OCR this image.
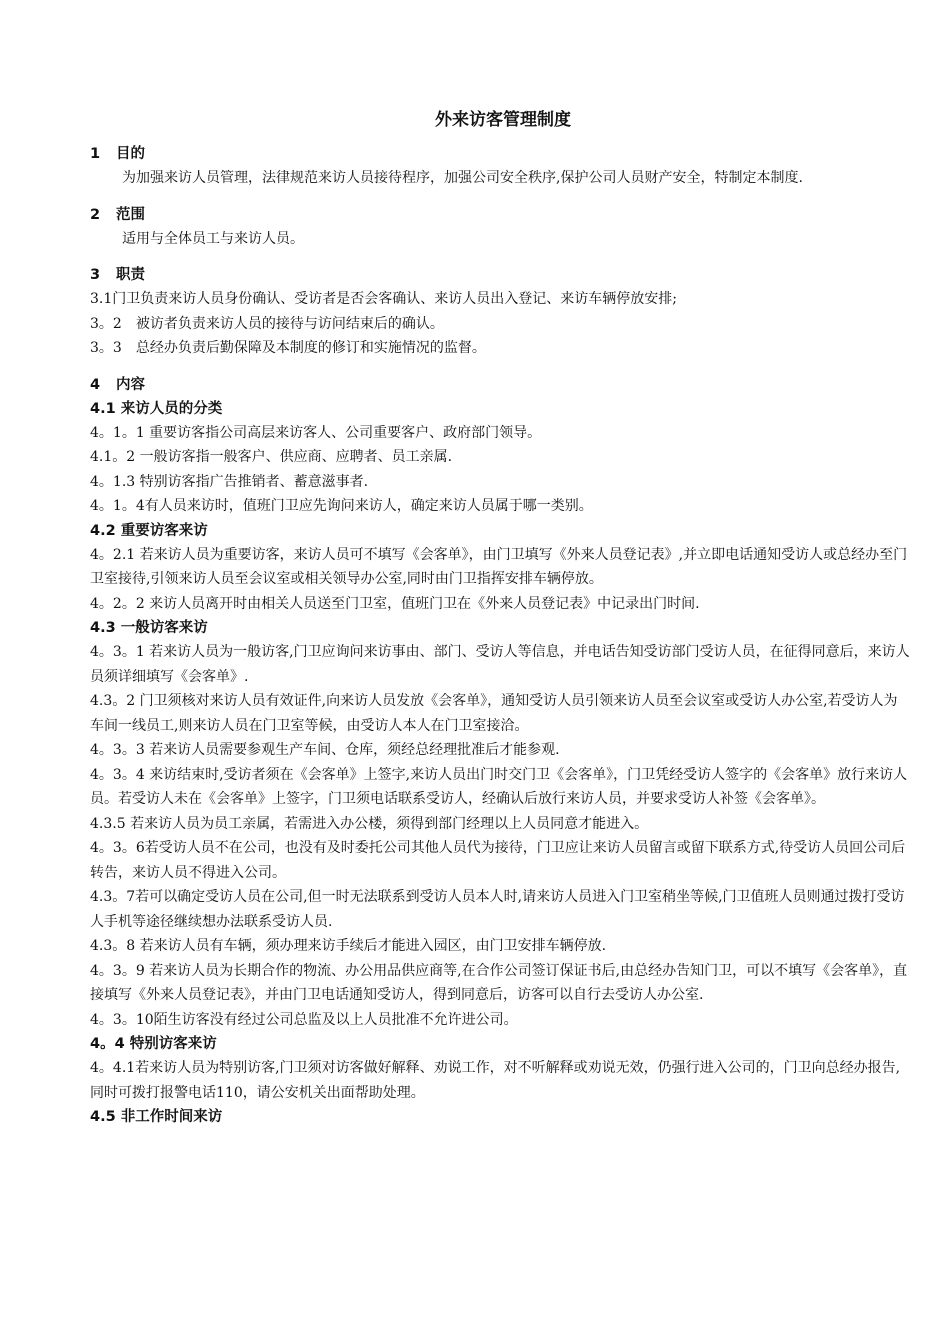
外来访客管理制度
1 目的

为加强来访人员管理，法律规范来访人员接待程序，加强公司安全秩序,保护公司人员财产安全，特制定本制度.

2 范围

适用与全体员工与来访人员。

3 职责

3.1门卫负责来访人员身份确认、受访者是否会客确认、来访人员出入登记、来访车辆停放安排;

3。2　被访者负责来访人员的接待与访问结束后的确认。

3。3　总经办负责后勤保障及本制度的修订和实施情况的监督。

4 内容
4.1 来访人员的分类

4。1。1 重要访客指公司高层来访客人、公司重要客户、政府部门领导。

4.1。2 一般访客指一般客户、供应商、应聘者、员工亲属.

4。1.3 特别访客指广告推销者、蓄意滋事者.

4。1。4有人员来访时，值班门卫应先询问来访人，确定来访人员属于哪一类别。

4.2 重要访客来访

4。2.1 若来访人员为重要访客，来访人员可不填写《会客单》，由门卫填写《外来人员登记表》,并立即电话通知受访人或总经办至门卫室接待,引领来访人员至会议室或相关领导办公室,同时由门卫指挥安排车辆停放。

4。2。2 来访人员离开时由相关人员送至门卫室，值班门卫在《外来人员登记表》中记录出门时间.

4.3 一般访客来访

4。3。1 若来访人员为一般访客,门卫应询问来访事由、部门、受访人等信息，并电话告知受访部门受访人员，在征得同意后，来访人员须详细填写《会客单》.

4.3。2 门卫须核对来访人员有效证件,向来访人员发放《会客单》，通知受访人员引领来访人员至会议室或受访人办公室,若受访人为车间一线员工,则来访人员在门卫室等候，由受访人本人在门卫室接洽。

4。3。3 若来访人员需要参观生产车间、仓库，须经总经理批准后才能参观.

4。3。4 来访结束时,受访者须在《会客单》上签字,来访人员出门时交门卫《会客单》，门卫凭经受访人签字的《会客单》放行来访人员。若受访人未在《会客单》上签字，门卫须电话联系受访人，经确认后放行来访人员，并要求受访人补签《会客单》。

4.3.5 若来访人员为员工亲属，若需进入办公楼，须得到部门经理以上人员同意才能进入。

4。3。6若受访人员不在公司，也没有及时委托公司其他人员代为接待，门卫应让来访人员留言或留下联系方式,待受访人员回公司后转告，来访人员不得进入公司。

4.3。7若可以确定受访人员在公司,但一时无法联系到受访人员本人时,请来访人员进入门卫室稍坐等候,门卫值班人员则通过拨打受访人手机等途径继续想办法联系受访人员.

4.3。8 若来访人员有车辆，须办理来访手续后才能进入园区，由门卫安排车辆停放.

4。3。9 若来访人员为长期合作的物流、办公用品供应商等,在合作公司签订保证书后,由总经办告知门卫，可以不填写《会客单》，直接填写《外来人员登记表》，并由门卫电话通知受访人，得到同意后，访客可以自行去受访人办公室.

4。3。10陌生访客没有经过公司总监及以上人员批准不允许进公司。

4。4 特别访客来访

4。4.1若来访人员为特别访客,门卫须对访客做好解释、劝说工作，对不听解释或劝说无效，仍强行进入公司的，门卫向总经办报告,同时可拨打报警电话110，请公安机关出面帮助处理。

4.5 非工作时间来访
